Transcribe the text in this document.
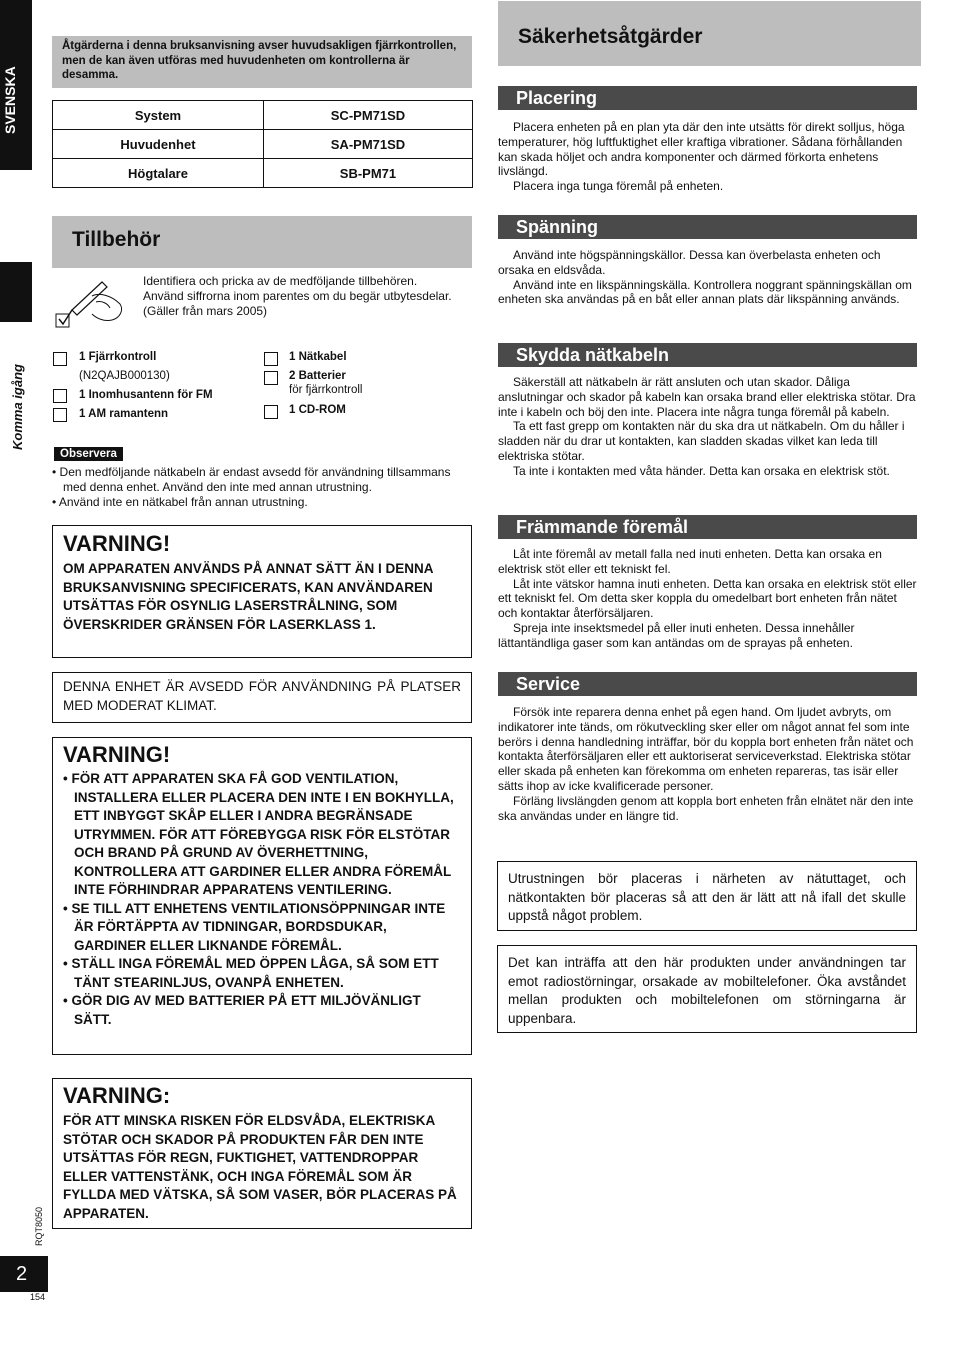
SVENSKA
Komma igång
RQT8050
2
154
Åtgärderna i denna bruksanvisning avser huvudsakligen fjärrkontrollen, men de kan även utföras med huvudenheten om kontrollerna är desamma.
System	SC-PM71SD
Huvudenhet	SA-PM71SD
Högtalare	SB-PM71
Tillbehör
Identifiera och pricka av de medföljande tillbehören. Använd siffrorna inom parentes om du begär utbytesdelar. (Gäller från mars 2005)
1 Fjärrkontroll
(N2QAJB000130)
1 Inomhusantenn för FM
1 AM ramantenn
1 Nätkabel
2 Batterier
för fjärrkontroll
1 CD-ROM
Observera
• Den medföljande nätkabeln är endast avsedd för användning tillsammans med denna enhet. Använd den inte med annan utrustning.
• Använd inte en nätkabel från annan utrustning.
VARNING!
OM APPARATEN ANVÄNDS PÅ ANNAT SÄTT ÄN I DENNA BRUKSANVISNING SPECIFICERATS, KAN ANVÄNDAREN UTSÄTTAS FÖR OSYNLIG LASERSTRÅLNING, SOM ÖVERSKRIDER GRÄNSEN FÖR LASERKLASS 1.
DENNA ENHET ÄR AVSEDD FÖR ANVÄNDNING PÅ PLATSER MED MODERAT KLIMAT.
VARNING!
• FÖR ATT APPARATEN SKA FÅ GOD VENTILATION, INSTALLERA ELLER PLACERA DEN INTE I EN BOKHYLLA, ETT INBYGGT SKÅP ELLER I ANDRA BEGRÄNSADE UTRYMMEN. FÖR ATT FÖREBYGGA RISK FÖR ELSTÖTAR OCH BRAND PÅ GRUND AV ÖVERHETTNING, KONTROLLERA ATT GARDINER ELLER ANDRA FÖREMÅL INTE FÖRHINDRAR APPARATENS VENTILERING.
• SE TILL ATT ENHETENS VENTILATIONSÖPPNINGAR INTE ÄR FÖRTÄPPTA AV TIDNINGAR, BORDSDUKAR, GARDINER ELLER LIKNANDE FÖREMÅL.
• STÄLL INGA FÖREMÅL MED ÖPPEN LÅGA, SÅ SOM ETT TÄNT STEARINLJUS, OVANPÅ ENHETEN.
• GÖR DIG AV MED BATTERIER PÅ ETT MILJÖVÄNLIGT SÄTT.
VARNING:
FÖR ATT MINSKA RISKEN FÖR ELDSVÅDA, ELEKTRISKA STÖTAR OCH SKADOR PÅ PRODUKTEN FÅR DEN INTE UTSÄTTAS FÖR REGN, FUKTIGHET, VATTENDROPPAR ELLER VATTENSTÄNK, OCH INGA FÖREMÅL SOM ÄR FYLLDA MED VÄTSKA, SÅ SOM VASER, BÖR PLACERAS PÅ APPARATEN.
Säkerhetsåtgärder
Placering

Placera enheten på en plan yta där den inte utsätts för direkt solljus, höga temperaturer, hög luftfuktighet eller kraftiga vibrationer. Sådana förhållanden kan skada höljet och andra komponenter och därmed förkorta enhetens livslängd.

Placera inga tunga föremål på enheten.

Spänning

Använd inte högspänningskällor. Dessa kan överbelasta enheten och orsaka en eldsvåda.

Använd inte en likspänningskälla. Kontrollera noggrant spänningskällan om enheten ska användas på en båt eller annan plats där likspänning används.

Skydda nätkabeln

Säkerställ att nätkabeln är rätt ansluten och utan skador. Dåliga anslutningar och skador på kabeln kan orsaka brand eller elektriska stötar. Dra inte i kabeln och böj den inte. Placera inte några tunga föremål på kabeln.

Ta ett fast grepp om kontakten när du ska dra ut nätkabeln. Om du håller i sladden när du drar ut kontakten, kan sladden skadas vilket kan leda till elektriska stötar.

Ta inte i kontakten med våta händer. Detta kan orsaka en elektrisk stöt.

Främmande föremål

Låt inte föremål av metall falla ned inuti enheten. Detta kan orsaka en elektrisk stöt eller ett tekniskt fel.

Låt inte vätskor hamna inuti enheten. Detta kan orsaka en elektrisk stöt eller ett tekniskt fel. Om detta sker koppla du omedelbart bort enheten från nätet och kontaktar återförsäljaren.

Spreja inte insektsmedel på eller inuti enheten. Dessa innehåller lättantändliga gaser som kan antändas om de sprayas på enheten.

Service

Försök inte reparera denna enhet på egen hand. Om ljudet avbryts, om indikatorer inte tänds, om rökutveckling sker eller om något annat fel som inte berörs i denna handledning inträffar, bör du koppla bort enheten från nätet och kontakta återförsäljaren eller ett auktoriserat serviceverkstad. Elektriska stötar eller skada på enheten kan förekomma om enheten repareras, tas isär eller sätts ihop av icke kvalificerade personer.

Förläng livslängden genom att koppla bort enheten från elnätet när den inte ska användas under en längre tid.

Utrustningen bör placeras i närheten av nätuttaget, och nätkontakten bör placeras så att den är lätt att nå ifall det skulle uppstå något problem.
Det kan inträffa att den här produkten under användningen tar emot radiostörningar, orsakade av mobiltelefoner. Öka avståndet mellan produkten och mobiltelefonen om störningarna är uppenbara.
